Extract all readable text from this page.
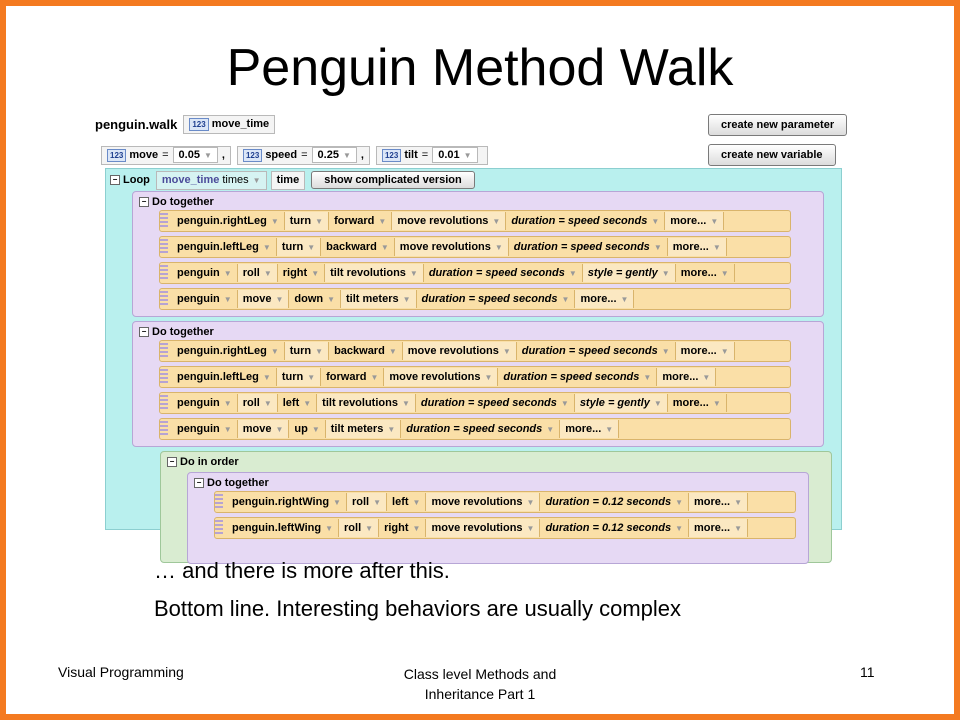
Penguin Method Walk
penguin.walk	123 move_time	create new parameter
create new variable
123 move = 0.05 ▼ ,	123 speed = 0.25 ▼ ,	123 tilt = 0.01 ▼
− Loop move_time times ▼	time	show complicated version
− Do together
penguin.rightLeg ▼ turn ▼ forward ▼ move revolutions ▼ duration = speed seconds ▼ more... ▼
penguin.leftLeg ▼ turn ▼ backward ▼ move revolutions ▼ duration = speed seconds ▼ more... ▼
penguin ▼ roll ▼ right ▼ tilt revolutions ▼ duration = speed seconds ▼ style = gently ▼ more... ▼
penguin ▼ move ▼ down ▼ tilt meters ▼ duration = speed seconds ▼ more... ▼
− Do together
penguin.rightLeg ▼ turn ▼ backward ▼ move revolutions ▼ duration = speed seconds ▼ more... ▼
penguin.leftLeg ▼ turn ▼ forward ▼ move revolutions ▼ duration = speed seconds ▼ more... ▼
penguin ▼ roll ▼ left ▼ tilt revolutions ▼ duration = speed seconds ▼ style = gently ▼ more... ▼
penguin ▼ move ▼ up ▼ tilt meters ▼ duration = speed seconds ▼ more... ▼
− Do in order
− Do together
penguin.rightWing ▼ roll ▼ left ▼ move revolutions ▼ duration = 0.12 seconds ▼ more... ▼
penguin.leftWing ▼ roll ▼ right ▼ move revolutions ▼ duration = 0.12 seconds ▼ more... ▼
… and there is more after this.
Bottom line. Interesting behaviors are usually complex
Visual Programming	Class level Methods and Inheritance Part 1
11
